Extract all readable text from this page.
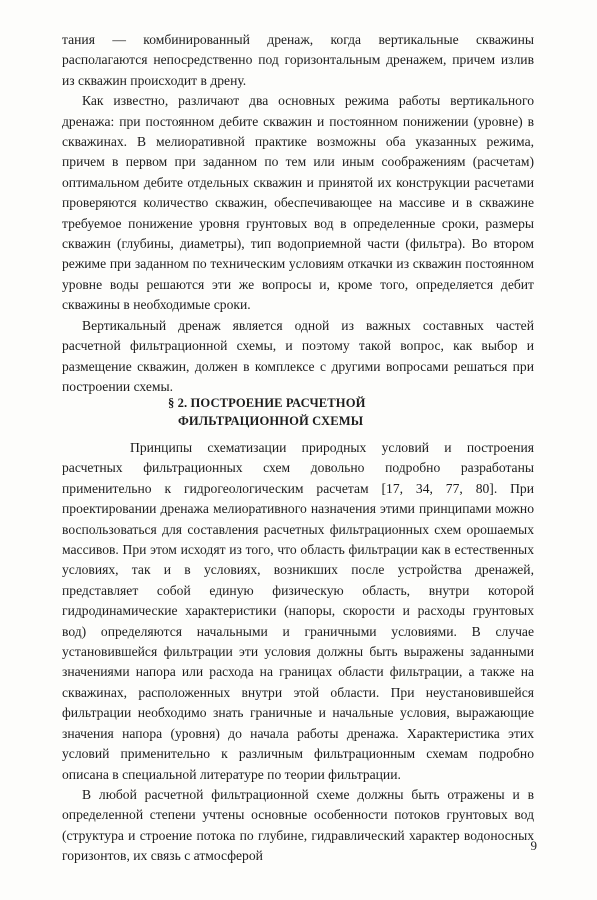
тания — комбинированный дренаж, когда вертикальные скважины располагаются непосредственно под горизонтальным дренажем, причем излив из скважин происходит в дрену.

Как известно, различают два основных режима работы вертикального дренажа: при постоянном дебите скважин и постоянном понижении (уровне) в скважинах. В мелиоративной практике возможны оба указанных режима, причем в первом при заданном по тем или иным соображениям (расчетам) оптимальном дебите отдельных скважин и принятой их конструкции расчетами проверяются количество скважин, обеспечивающее на массиве и в скважине требуемое понижение уровня грунтовых вод в определенные сроки, размеры скважин (глубины, диаметры), тип водоприемной части (фильтра). Во втором режиме при заданном по техническим условиям откачки из скважин постоянном уровне воды решаются эти же вопросы и, кроме того, определяется дебит скважины в необходимые сроки.

Вертикальный дренаж является одной из важных составных частей расчетной фильтрационной схемы, и поэтому такой вопрос, как выбор и размещение скважин, должен в комплексе с другими вопросами решаться при построении схемы.

§ 2. ПОСТРОЕНИЕ РАСЧЕТНОЙ
ФИЛЬТРАЦИОННОЙ СХЕМЫ

Принципы схематизации природных условий и построения расчетных фильтрационных схем довольно подробно разработаны применительно к гидрогеологическим расчетам [17, 34, 77, 80]. При проектировании дренажа мелиоративного назначения этими принципами можно воспользоваться для составления расчетных фильтрационных схем орошаемых массивов. При этом исходят из того, что область фильтрации как в естественных условиях, так и в условиях, возникших после устройства дренажей, представляет собой единую физическую область, внутри которой гидродинамические характеристики (напоры, скорости и расходы грунтовых вод) определяются начальными и граничными условиями. В случае установившейся фильтрации эти условия должны быть выражены заданными значениями напора или расхода на границах области фильтрации, а также на скважинах, расположенных внутри этой области. При неустановившейся фильтрации необходимо знать граничные и начальные условия, выражающие значения напора (уровня) до начала работы дренажа. Характеристика этих условий применительно к различным фильтрационным схемам подробно описана в специальной литературе по теории фильтрации.

В любой расчетной фильтрационной схеме должны быть отражены и в определенной степени учтены основные особенности потоков грунтовых вод (структура и строение потока по глубине, гидравлический характер водоносных горизонтов, их связь с атмосферой

9
